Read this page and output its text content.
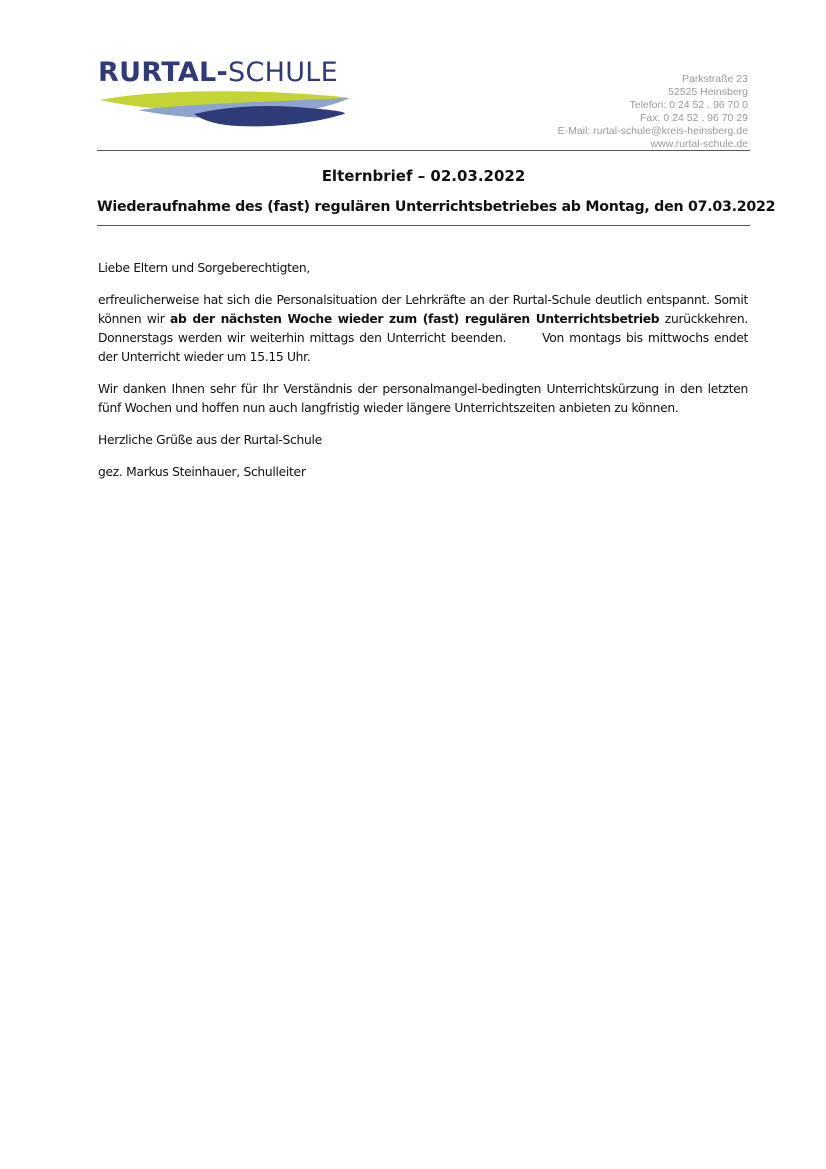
RURTAL-SCHULE	Parkstraße 23
52525 Heinsberg
Telefon: 0 24 52 . 96 70 0
Fax: 0 24 52 . 96 70 29
E-Mail: rurtal-schule@kreis-heinsberg.de
www.rurtal-schule.de
Elternbrief – 02.03.2022
Wiederaufnahme des (fast) regulären Unterrichtsbetriebes ab Montag, den 07.03.2022

Liebe Eltern und Sorgeberechtigten,

erfreulicherweise hat sich die Personalsituation der Lehrkräfte an der Rurtal-Schule deutlich entspannt. Somit können wir ab der nächsten Woche wieder zum (fast) regulären Unterrichtsbetrieb zurückkehren. Donnerstags werden wir weiterhin mittags den Unterricht beenden.	Von montags bis mittwochs endet der Unterricht wieder um 15.15 Uhr.

Wir danken Ihnen sehr für Ihr Verständnis der personalmangel-bedingten Unterrichtskürzung in den letzten fünf Wochen und hoffen nun auch langfristig wieder längere Unterrichtszeiten anbieten zu können.

Herzliche Grüße aus der Rurtal-Schule

gez. Markus Steinhauer, Schulleiter
